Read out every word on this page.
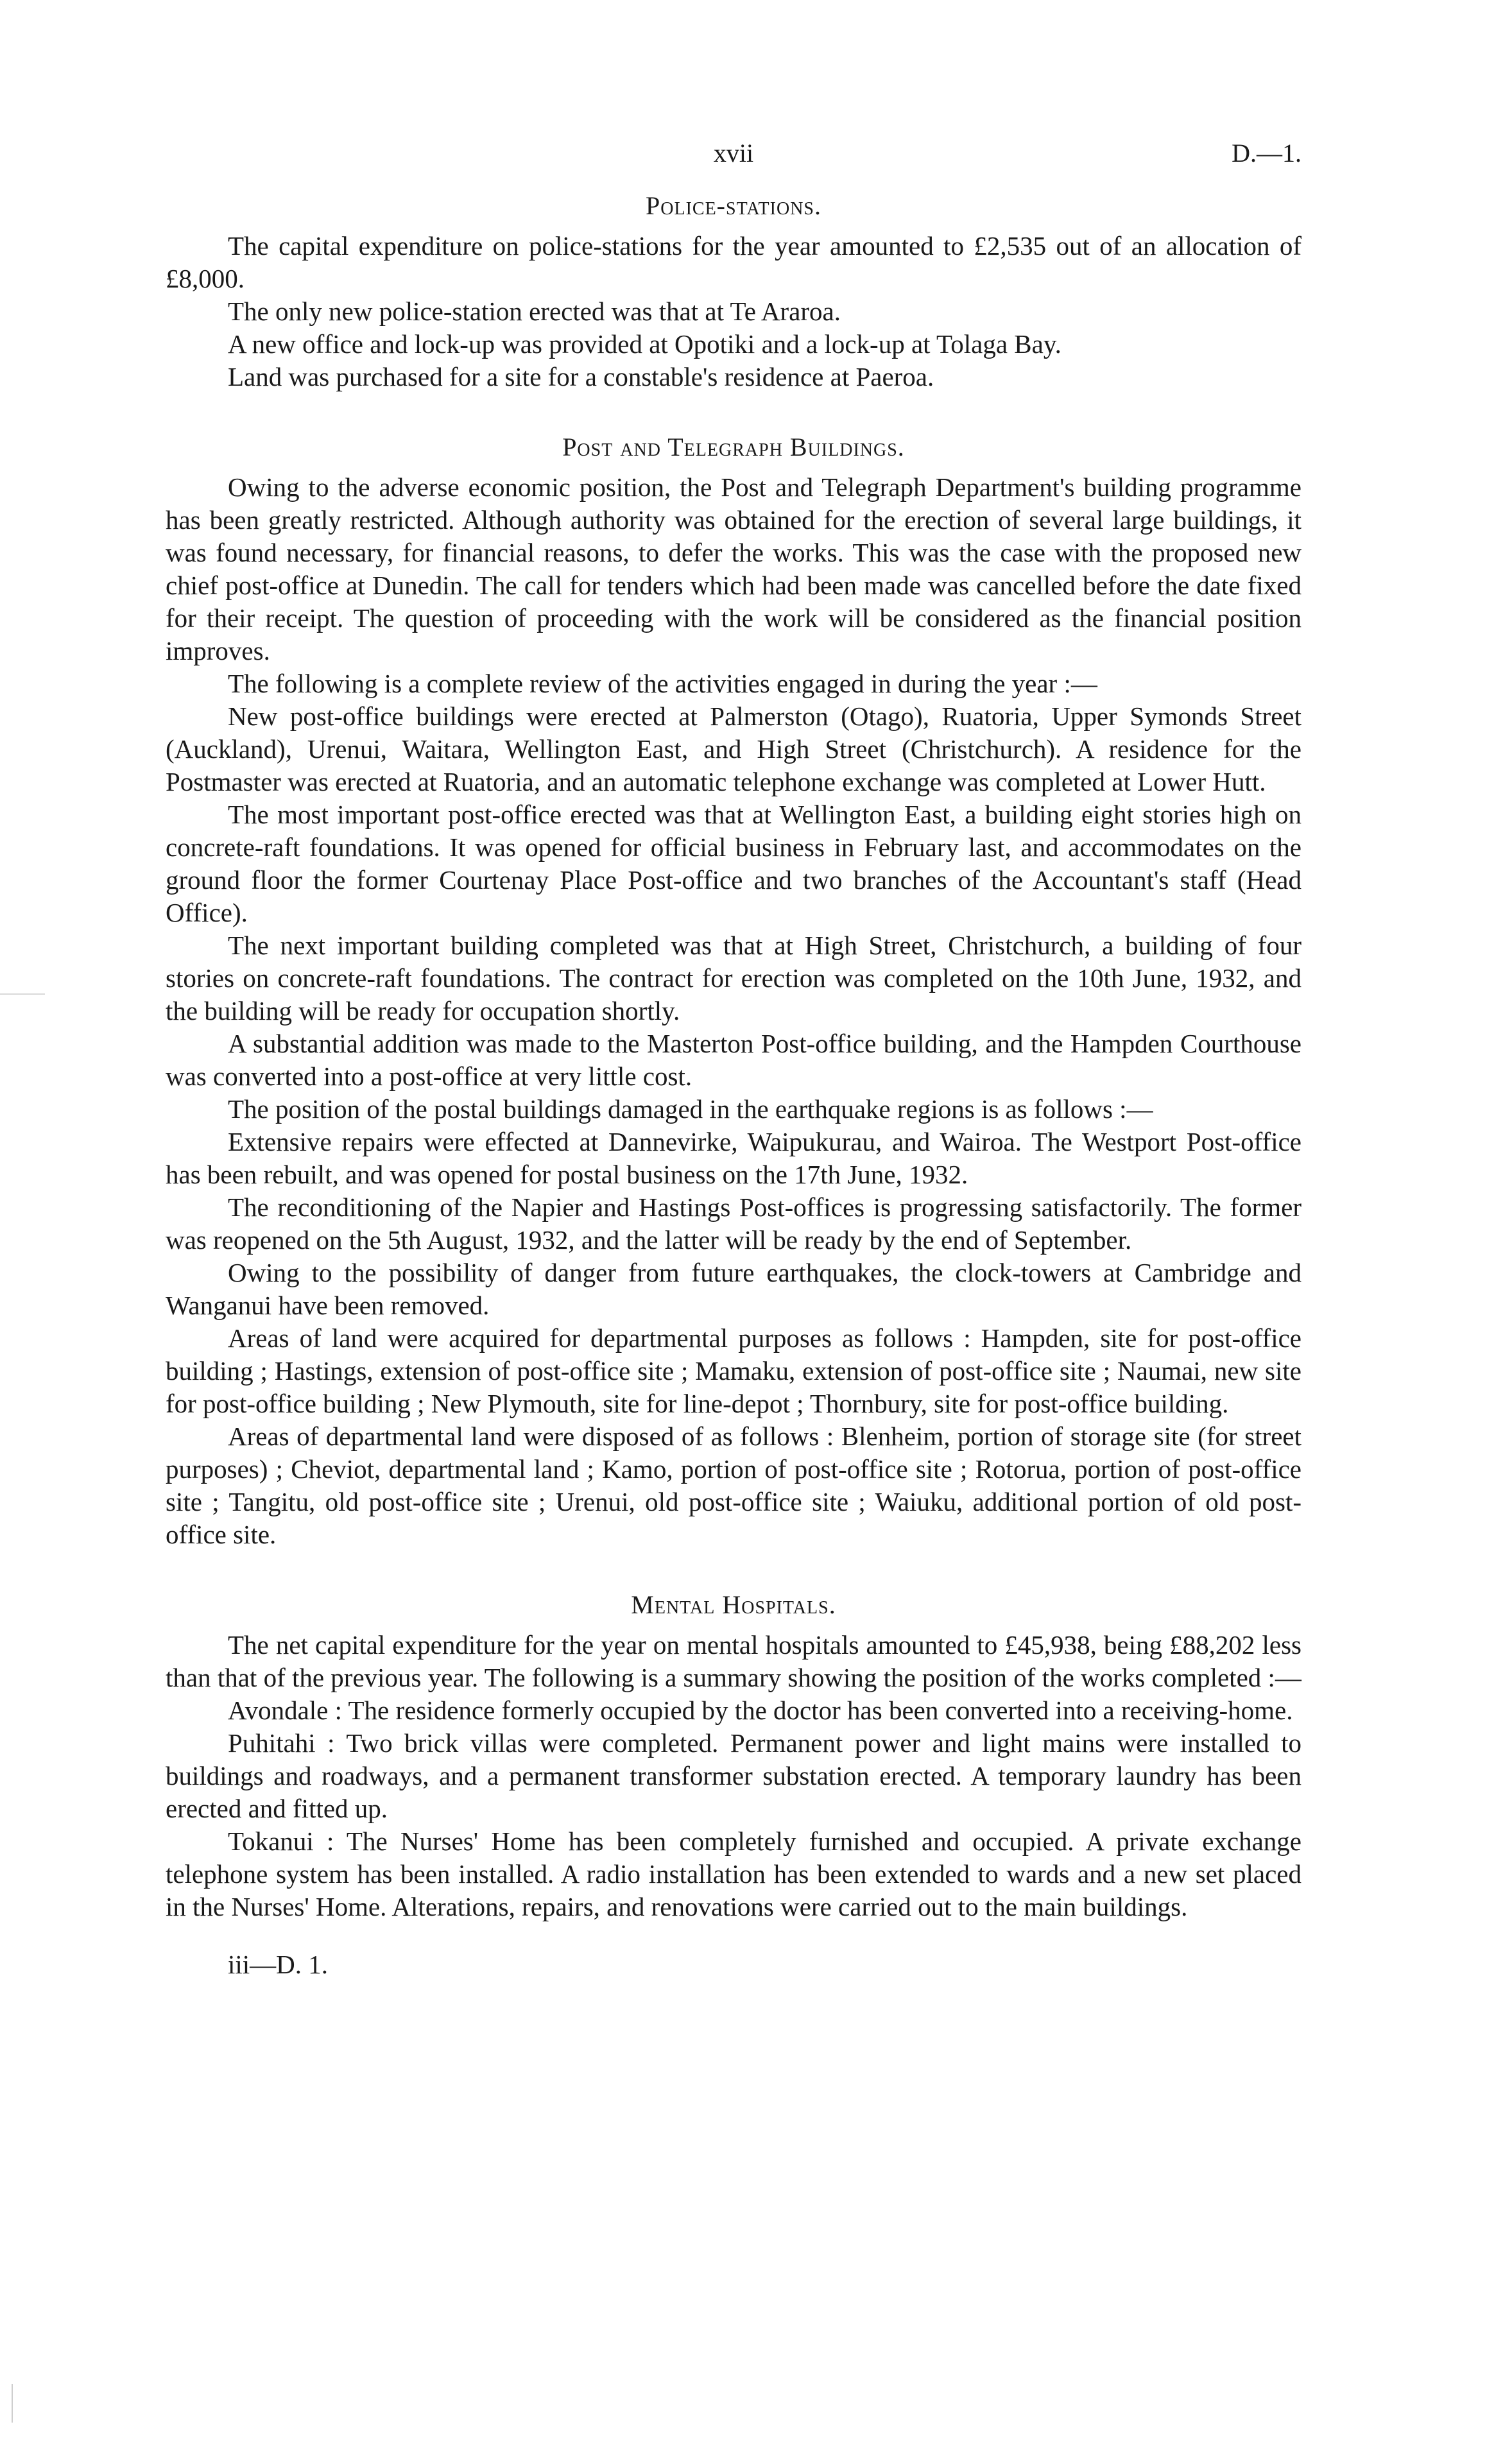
xvii	D.—1.
Police-stations.

The capital expenditure on police-stations for the year amounted to £2,535 out of an allocation of £8,000.

The only new police-station erected was that at Te Araroa.

A new office and lock-up was provided at Opotiki and a lock-up at Tolaga Bay.

Land was purchased for a site for a constable's residence at Paeroa.

Post and Telegraph Buildings.

Owing to the adverse economic position, the Post and Telegraph Department's building programme has been greatly restricted. Although authority was obtained for the erection of several large buildings, it was found necessary, for financial reasons, to defer the works. This was the case with the proposed new chief post-office at Dunedin. The call for tenders which had been made was cancelled before the date fixed for their receipt. The question of proceeding with the work will be considered as the financial position improves.

The following is a complete review of the activities engaged in during the year :—

New post-office buildings were erected at Palmerston (Otago), Ruatoria, Upper Symonds Street (Auckland), Urenui, Waitara, Wellington East, and High Street (Christchurch). A residence for the Postmaster was erected at Ruatoria, and an automatic telephone exchange was completed at Lower Hutt.

The most important post-office erected was that at Wellington East, a building eight stories high on concrete-raft foundations. It was opened for official business in February last, and accommodates on the ground floor the former Courtenay Place Post-office and two branches of the Accountant's staff (Head Office).

The next important building completed was that at High Street, Christchurch, a building of four stories on concrete-raft foundations. The contract for erection was completed on the 10th June, 1932, and the building will be ready for occupation shortly.

A substantial addition was made to the Masterton Post-office building, and the Hampden Courthouse was converted into a post-office at very little cost.

The position of the postal buildings damaged in the earthquake regions is as follows :—

Extensive repairs were effected at Dannevirke, Waipukurau, and Wairoa. The Westport Post-office has been rebuilt, and was opened for postal business on the 17th June, 1932.

The reconditioning of the Napier and Hastings Post-offices is progressing satisfactorily. The former was reopened on the 5th August, 1932, and the latter will be ready by the end of September.

Owing to the possibility of danger from future earthquakes, the clock-towers at Cambridge and Wanganui have been removed.

Areas of land were acquired for departmental purposes as follows : Hampden, site for post-office building ; Hastings, extension of post-office site ; Mamaku, extension of post-office site ; Naumai, new site for post-office building ; New Plymouth, site for line-depot ; Thornbury, site for post-office building.

Areas of departmental land were disposed of as follows : Blenheim, portion of storage site (for street purposes) ; Cheviot, departmental land ; Kamo, portion of post-office site ; Rotorua, portion of post-office site ; Tangitu, old post-office site ; Urenui, old post-office site ; Waiuku, additional portion of old post-office site.

Mental Hospitals.

The net capital expenditure for the year on mental hospitals amounted to £45,938, being £88,202 less than that of the previous year. The following is a summary showing the position of the works completed :—

Avondale : The residence formerly occupied by the doctor has been converted into a receiving-home.

Puhitahi : Two brick villas were completed. Permanent power and light mains were installed to buildings and roadways, and a permanent transformer substation erected. A temporary laundry has been erected and fitted up.

Tokanui : The Nurses' Home has been completely furnished and occupied. A private exchange telephone system has been installed. A radio installation has been extended to wards and a new set placed in the Nurses' Home. Alterations, repairs, and renovations were carried out to the main buildings.

iii—D. 1.
